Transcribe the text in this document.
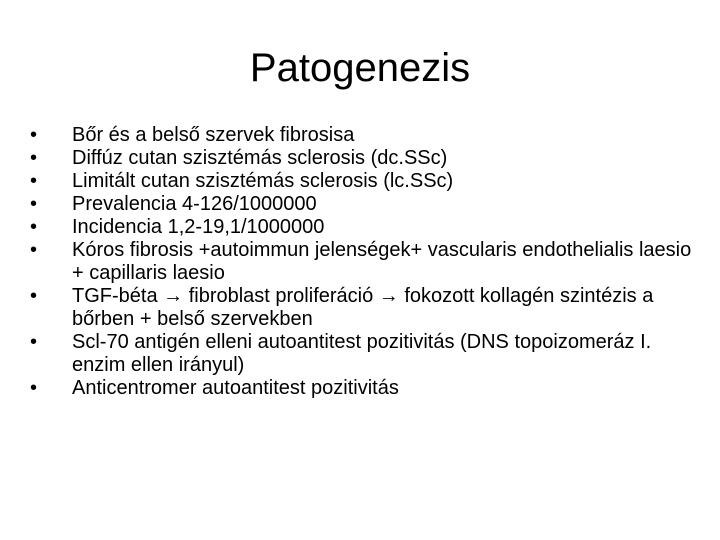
Patogenezis
•	Bőr és a belső szervek fibrosisa
•	Diffúz cutan szisztémás sclerosis (dc.SSc)
•	Limitált cutan szisztémás sclerosis (lc.SSc)
•	Prevalencia 4-126/1000000
•	Incidencia 1,2-19,1/1000000
•	Kóros fibrosis +autoimmun jelenségek+ vascularis endothelialis laesio + capillaris laesio
•	TGF-béta → fibroblast proliferáció → fokozott kollagén szintézis a bőrben + belső szervekben
•	Scl-70 antigén elleni autoantitest pozitivitás (DNS topoizomeráz I. enzim ellen irányul)
•	Anticentromer autoantitest pozitivitás
